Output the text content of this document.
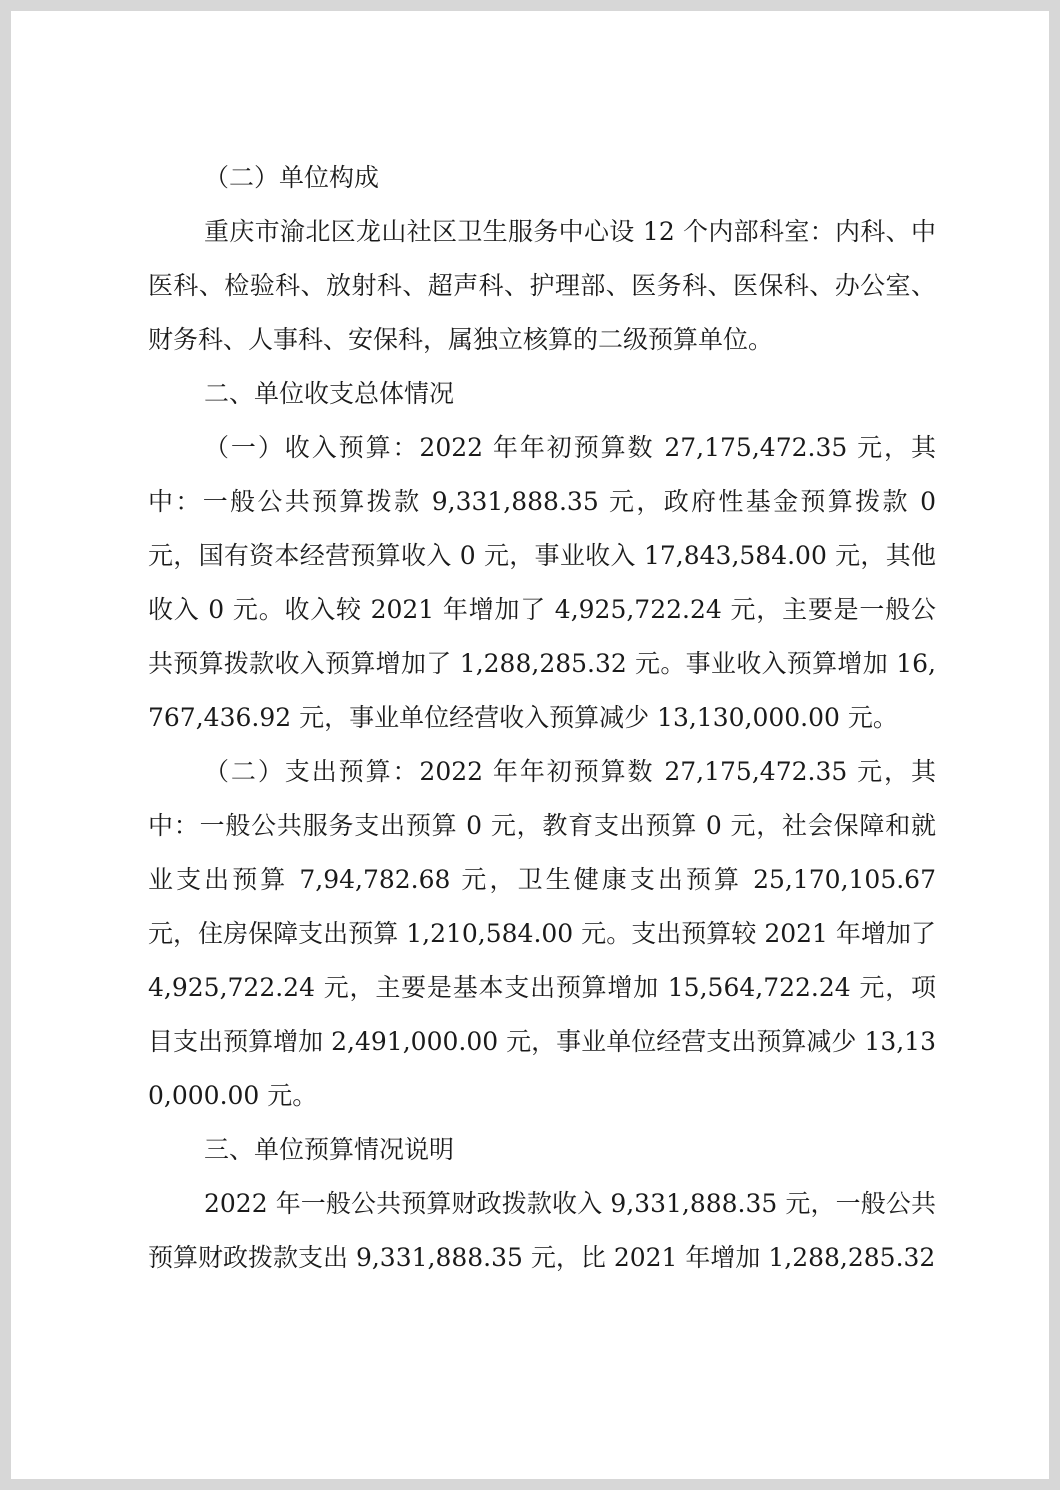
（二）单位构成

重庆市渝北区龙山社区卫生服务中心设 12 个内部科室：内科、中医科、检验科、放射科、超声科、护理部、医务科、医保科、办公室、财务科、人事科、安保科，属独立核算的二级预算单位。

二、单位收支总体情况

（一）收入预算：2022 年年初预算数 27,175,472.35 元，其中：一般公共预算拨款 9,331,888.35 元，政府性基金预算拨款 0 元，国有资本经营预算收入 0 元，事业收入 17,843,584.00 元，其他收入 0 元。收入较 2021 年增加了 4,925,722.24 元，主要是一般公共预算拨款收入预算增加了 1,288,285.32 元。事业收入预算增加 16,767,436.92 元，事业单位经营收入预算减少 13,130,000.00 元。

（二）支出预算：2022 年年初预算数 27,175,472.35 元，其中：一般公共服务支出预算 0 元，教育支出预算 0 元，社会保障和就业支出预算 7,94,782.68 元，卫生健康支出预算 25,170,105.67 元，住房保障支出预算 1,210,584.00 元。支出预算较 2021 年增加了 4,925,722.24 元，主要是基本支出预算增加 15,564,722.24 元，项目支出预算增加 2,491,000.00 元，事业单位经营支出预算减少 13,130,000.00 元。

三、单位预算情况说明

2022 年一般公共预算财政拨款收入 9,331,888.35 元，一般公共预算财政拨款支出 9,331,888.35 元，比 2021 年增加 1,288,285.32
